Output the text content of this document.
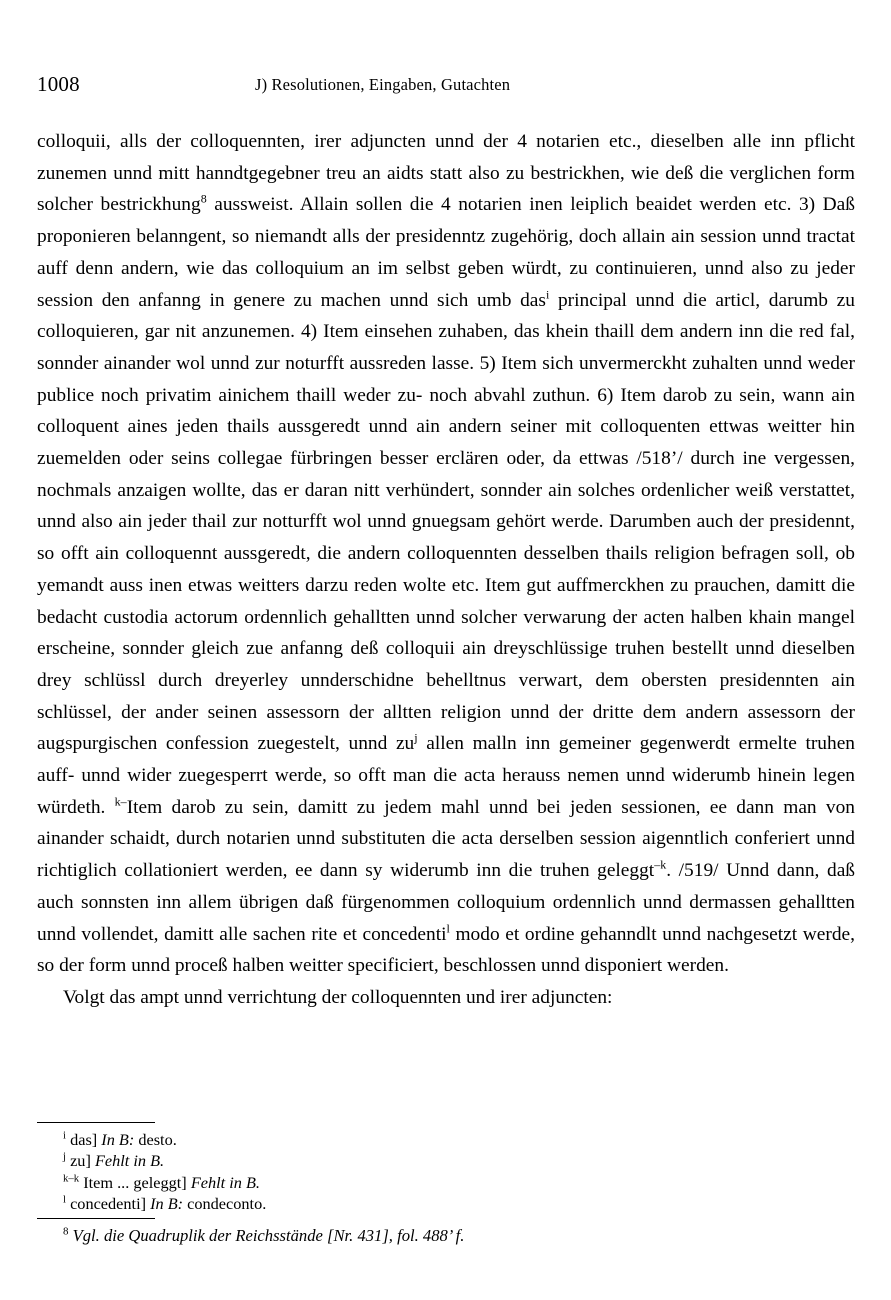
1008	J) Resolutionen, Eingaben, Gutachten

colloquii, alls der colloquennten, irer adjuncten unnd der 4 notarien etc., dieselben alle inn pflicht zunemen unnd mitt hanndtgegebner treu an aidts statt also zu bestrickhen, wie deß die verglichen form solcher bestrickhung$^8$ aussweist. Allain sollen die 4 notarien inen leiplich beaidet werden etc. 3) Daß proponieren belanngent, so niemandt alls der presidenntz zugehörig, doch allain ain session unnd tractat auff denn andern, wie das colloquium an im selbst geben würdt, zu continuieren, unnd also zu jeder session den anfanng in genere zu machen unnd sich umb das$^i$ principal unnd die articl, darumb zu colloquieren, gar nit anzunemen. 4) Item einsehen zuhaben, das khein thaill dem andern inn die red fal, sonnder ainander wol unnd zur noturfft aussreden lasse. 5) Item sich unvermerckht zuhalten unnd weder publice noch privatim ainichem thaill weder zu- noch abvahl zuthun. 6) Item darob zu sein, wann ain colloquent aines jeden thails aussgeredt unnd ain andern seiner mit colloquenten ettwas weitter hin zuemelden oder seins collegae fürbringen besser erclären oder, da ettwas /518’/ durch ine vergessen, nochmals anzaigen wollte, das er daran nitt verhündert, sonnder ain solches ordenlicher weiß verstattet, unnd also ain jeder thail zur notturfft wol unnd gnuegsam gehört werde. Darumben auch der presidennt, so offt ain colloquennt aussgeredt, die andern colloquennten desselben thails religion befragen soll, ob yemandt auss inen etwas weitters darzu reden wolte etc. Item gut auffmerckhen zu prauchen, damitt die bedacht custodia actorum ordennlich gehalltten unnd solcher verwarung der acten halben khain mangel erscheine, sonnder gleich zue anfanng deß colloquii ain dreyschlüssige truhen bestellt unnd dieselben drey schlüssl durch dreyerley unnderschidne behelltnus verwart, dem obersten presidennten ain schlüssel, der ander seinen assessorn der alltten religion unnd der dritte dem andern assessorn der augspurgischen confession zuegestelt, unnd $zu^j$ allen malln inn gemeiner gegenwerdt ermelte truhen auff- unnd wider zuegesperrt werde, so offt man die acta herauss nemen unnd widerumb hinein legen würdeth. $^{k-}$Item darob zu sein, damitt zu jedem mahl unnd bei jeden sessionen, ee dann man von ainander schaidt, durch notarien unnd substituten die acta derselben session aigenntlich conferiert unnd richtiglich collationiert werden, ee dann sy widerumb inn die truhen geleggt$^{-k}$. /519/ Unnd dann, daß auch sonnsten inn allem übrigen daß fürgenommen colloquium ordennlich unnd dermassen gehalltten unnd vollendet, damitt alle sachen rite et concedenti$^l$ modo et ordine gehanndlt unnd nachgesetzt werde, so der form unnd proceß halben weitter specificiert, beschlossen unnd disponiert werden.

Volgt das ampt unnd verrichtung der colloquennten und irer adjuncten:

$^i$ das] In B: desto.
$^j$ zu] Fehlt in B.
$^{k-k}$ Item ... geleggt] Fehlt in B.
$^l$ concedenti] In B: condeconto.
$^8$ Vgl. die Quadruplik der Reichsstände [Nr. 431], fol. 488’ f.
